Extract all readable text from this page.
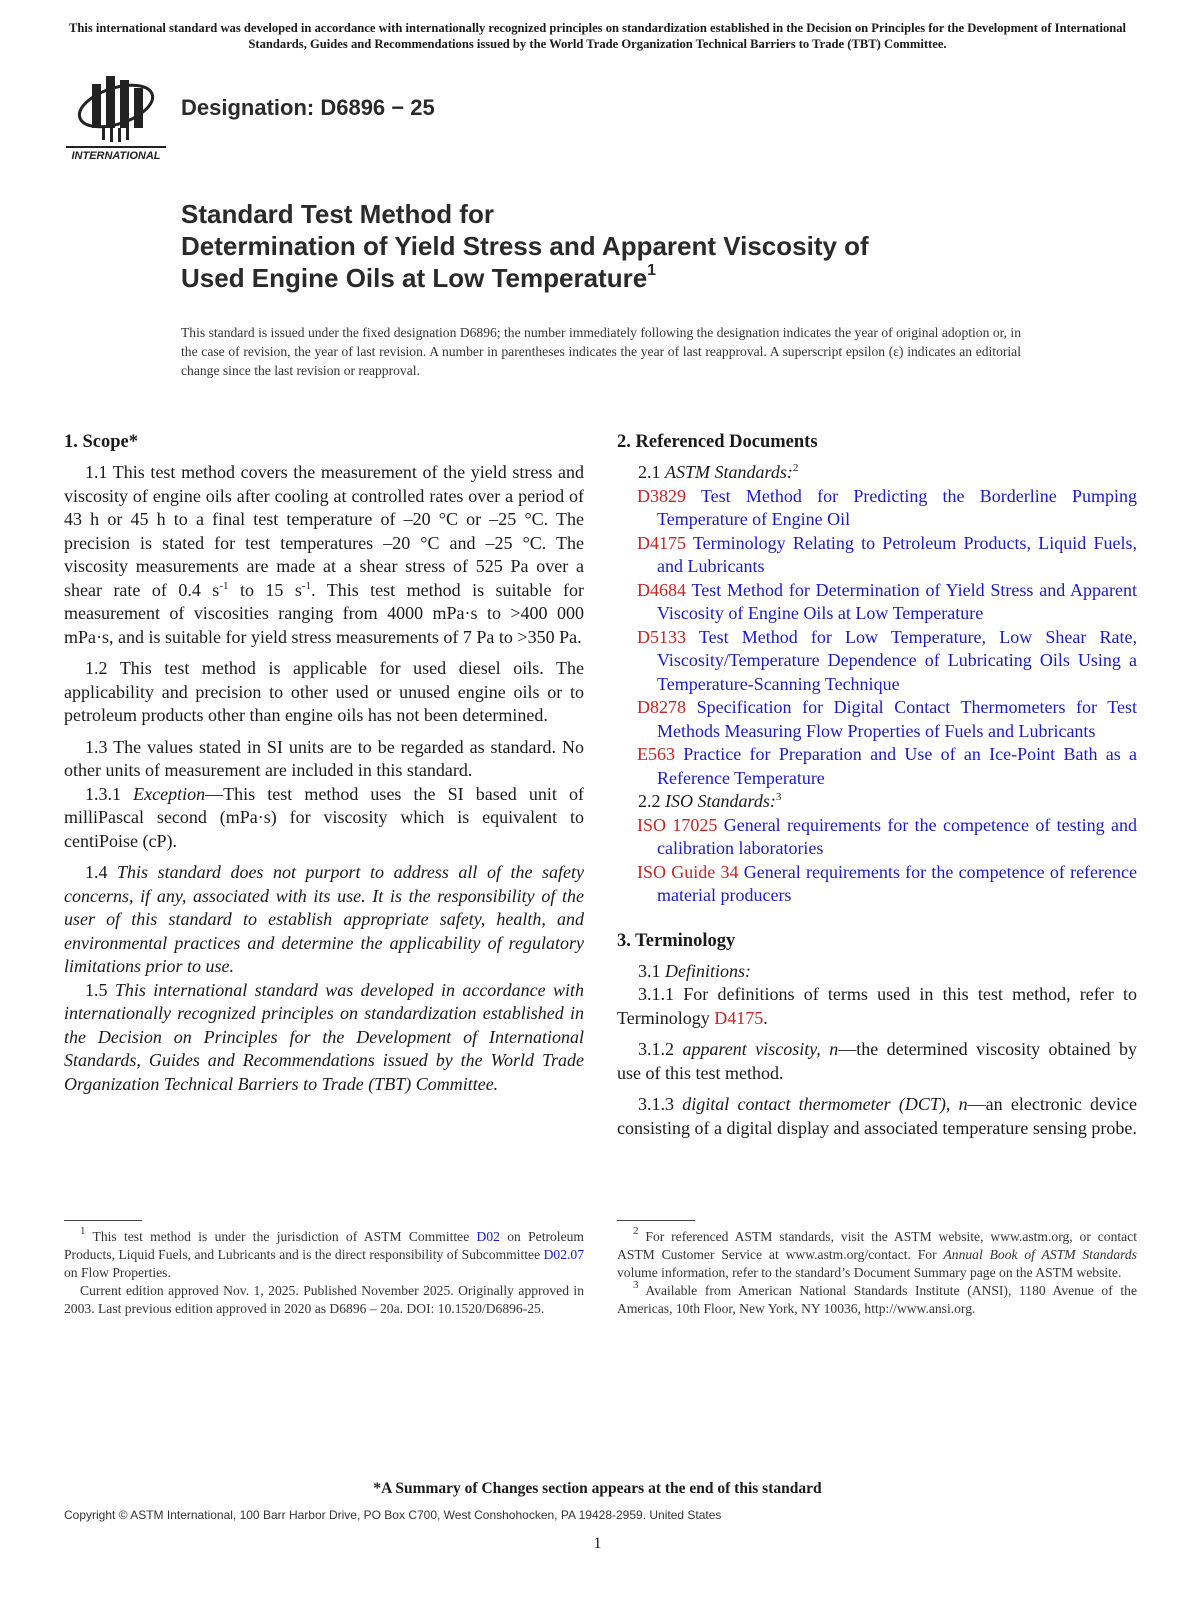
This international standard was developed in accordance with internationally recognized principles on standardization established in the Decision on Principles for the Development of International Standards, Guides and Recommendations issued by the World Trade Organization Technical Barriers to Trade (TBT) Committee.
INTERNATIONAL
Designation: D6896 − 25
Standard Test Method for
Determination of Yield Stress and Apparent Viscosity of
Used Engine Oils at Low Temperature$^1$
This standard is issued under the fixed designation D6896; the number immediately following the designation indicates the year of original adoption or, in the case of revision, the year of last revision. A number in parentheses indicates the year of last reapproval. A superscript epsilon (ε) indicates an editorial change since the last revision or reapproval.
1. Scope*

1.1 This test method covers the measurement of the yield stress and viscosity of engine oils after cooling at controlled rates over a period of 43 h or 45 h to a final test temperature of –20 °C or –25 °C. The precision is stated for test temperatures –20 °C and –25 °C. The viscosity measurements are made at a shear stress of 525 Pa over a shear rate of 0.4 $s^{-1}$ to 15 $s^{-1}$. This test method is suitable for measurement of viscosities ranging from 4000 mPa·s to >400 000 mPa·s, and is suitable for yield stress measurements of 7 Pa to >350 Pa.

1.2 This test method is applicable for used diesel oils. The applicability and precision to other used or unused engine oils or to petroleum products other than engine oils has not been determined.

1.3 The values stated in SI units are to be regarded as standard. No other units of measurement are included in this standard.

1.3.1 Exception—This test method uses the SI based unit of milliPascal second (mPa·s) for viscosity which is equivalent to centiPoise (cP).

1.4 This standard does not purport to address all of the safety concerns, if any, associated with its use. It is the responsibility of the user of this standard to establish appropriate safety, health, and environmental practices and determine the applicability of regulatory limitations prior to use.

1.5 This international standard was developed in accordance with internationally recognized principles on standardization established in the Decision on Principles for the Development of International Standards, Guides and Recommendations issued by the World Trade Organization Technical Barriers to Trade (TBT) Committee.

2. Referenced Documents
2.1 ASTM Standards:$^2$
D3829 Test Method for Predicting the Borderline Pumping Temperature of Engine Oil
D4175 Terminology Relating to Petroleum Products, Liquid Fuels, and Lubricants
D4684 Test Method for Determination of Yield Stress and Apparent Viscosity of Engine Oils at Low Temperature
D5133 Test Method for Low Temperature, Low Shear Rate, Viscosity/Temperature Dependence of Lubricating Oils Using a Temperature-Scanning Technique
D8278 Specification for Digital Contact Thermometers for Test Methods Measuring Flow Properties of Fuels and Lubricants
E563 Practice for Preparation and Use of an Ice-Point Bath as a Reference Temperature
2.2 ISO Standards:$^3$
ISO 17025 General requirements for the competence of testing and calibration laboratories
ISO Guide 34 General requirements for the competence of reference material producers
3. Terminology
3.1 Definitions:

3.1.1 For definitions of terms used in this test method, refer to Terminology D4175.

3.1.2 apparent viscosity, n—the determined viscosity obtained by use of this test method.

3.1.3 digital contact thermometer (DCT), n—an electronic device consisting of a digital display and associated temperature sensing probe.

$^1$ This test method is under the jurisdiction of ASTM Committee D02 on Petroleum Products, Liquid Fuels, and Lubricants and is the direct responsibility of Subcommittee D02.07 on Flow Properties.

Current edition approved Nov. 1, 2025. Published November 2025. Originally approved in 2003. Last previous edition approved in 2020 as D6896 – 20a. DOI: 10.1520/D6896-25.

$^2$ For referenced ASTM standards, visit the ASTM website, www.astm.org, or contact ASTM Customer Service at www.astm.org/contact. For Annual Book of ASTM Standards volume information, refer to the standard’s Document Summary page on the ASTM website.

$^3$ Available from American National Standards Institute (ANSI), 1180 Avenue of the Americas, 10th Floor, New York, NY 10036, http://www.ansi.org.

*A Summary of Changes section appears at the end of this standard
Copyright © ASTM International, 100 Barr Harbor Drive, PO Box C700, West Conshohocken, PA 19428-2959. United States
1
